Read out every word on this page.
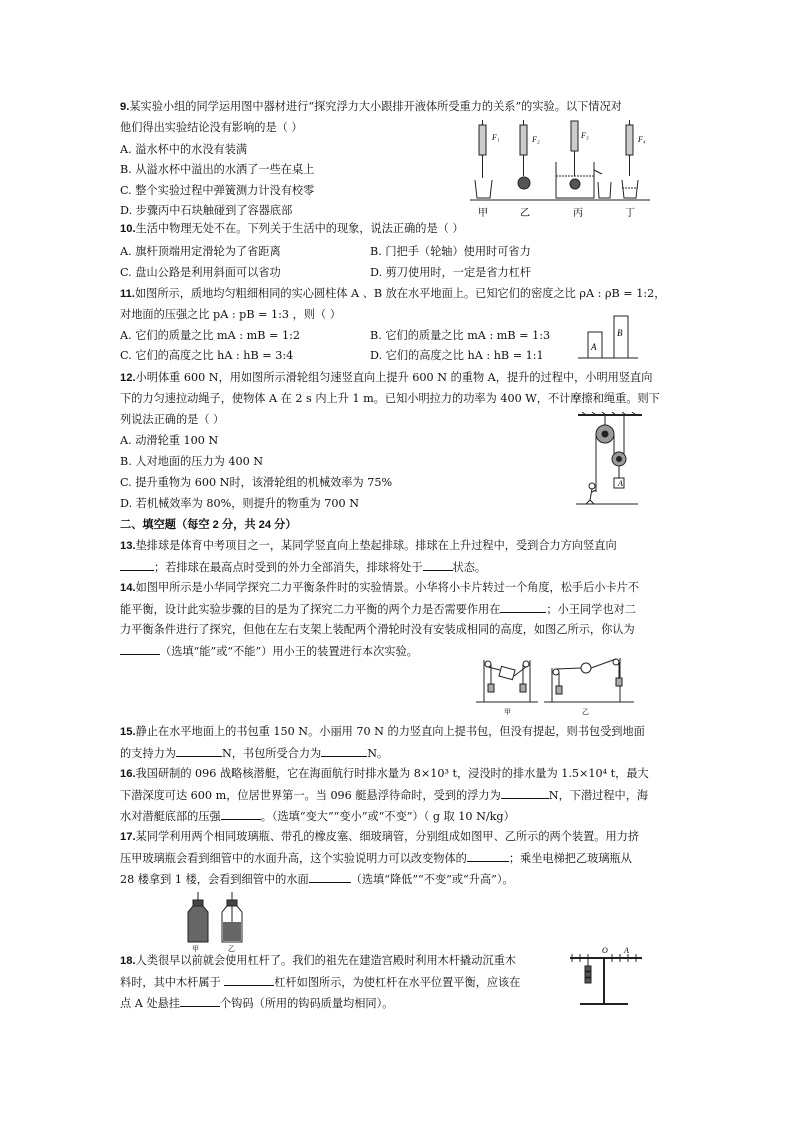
9.某实验小组的同学运用图中器材进行“探究浮力大小跟排开液体所受重力的关系”的实验。以下情况对
他们得出实验结论没有影响的是（ ）
A. 溢水杯中的水没有装满
B. 从溢水杯中溢出的水洒了一些在桌上
C. 整个实验过程中弹簧测力计没有校零
D. 步骤丙中石块触碰到了容器底部
F₁	F₂	F₃	F₄
甲	乙	丙	丁
10.生活中物理无处不在。下列关于生活中的现象，说法正确的是（ ）
A. 旗杆顶端用定滑轮为了省距离	B. 门把手（轮轴）使用时可省力
C. 盘山公路是利用斜面可以省功	D. 剪刀使用时，一定是省力杠杆
11.如图所示，质地均匀粗细相同的实心圆柱体 A 、B 放在水平地面上。已知它们的密度之比 ρA : ρB = 1:2，
对地面的压强之比 pA : pB = 1:3 ，则（ ）
A. 它们的质量之比 mA : mB = 1:2	B. 它们的质量之比 mA : mB = 1:3
C. 它们的高度之比 hA : hB = 3:4	D. 它们的高度之比 hA : hB = 1:1
A
B
12.小明体重 600 N，用如图所示滑轮组匀速竖直向上提升 600 N 的重物 A，提升的过程中，小明用竖直向
下的力匀速拉动绳子，使物体 A 在 2 s 内上升 1 m。已知小明拉力的功率为 400 W，不计摩擦和绳重。则下
列说法正确的是（ ）
A. 动滑轮重 100 N
B. 人对地面的压力为 400 N
C. 提升重物为 600 N时，该滑轮组的机械效率为 75%
D. 若机械效率为 80%，则提升的物重为 700 N
A
二、填空题（每空 2 分，共 24 分）
13.垫排球是体育中考项目之一，某同学竖直向上垫起排球。排球在上升过程中，受到合力方向竖直向
；若排球在最高点时受到的外力全部消失，排球将处于	状态。
14.如图甲所示是小华同学探究二力平衡条件时的实验情景。小华将小卡片转过一个角度，松手后小卡片不
能平衡，设计此实验步骤的目的是为了探究二力平衡的两个力是否需要作用在	；小王同学也对二
力平衡条件进行了探究，但他在左右支架上装配两个滑轮时没有安装成相同的高度，如图乙所示，你认为
（选填“能”或“不能”）用小王的装置进行本次实验。
甲	乙
15.静止在水平地面上的书包重 150 N。小丽用 70 N 的力竖直向上提书包，但没有提起，则书包受到地面
的支持力为	N，书包所受合力为	N。
16.我国研制的 096 战略核潜艇，它在海面航行时排水量为 8×10³ t，浸没时的排水量为 1.5×10⁴ t，最大
下潜深度可达 600 m，位居世界第一。当 096 艇悬浮待命时，受到的浮力为	N，下潜过程中，海
水对潜艇底部的压强	。（选填“变大”“变小”或“不变”）（ g 取 10 N/kg）
17.某同学利用两个相同玻璃瓶、带孔的橡皮塞、细玻璃管，分别组成如图甲、乙所示的两个装置。用力挤
压甲玻璃瓶会看到细管中的水面升高，这个实验说明力可以改变物体的	；乘坐电梯把乙玻璃瓶从
28 楼拿到 1 楼，会看到细管中的水面	（选填“降低”“不变”或“升高”）。
甲	乙
18.人类很早以前就会使用杠杆了。我们的祖先在建造宫殿时利用木杆撬动沉重木
料时，其中木杆属于	杠杆如图所示，为使杠杆在水平位置平衡，应该在
点 A 处悬挂	个钩码（所用的钩码质量均相同）。
O A
